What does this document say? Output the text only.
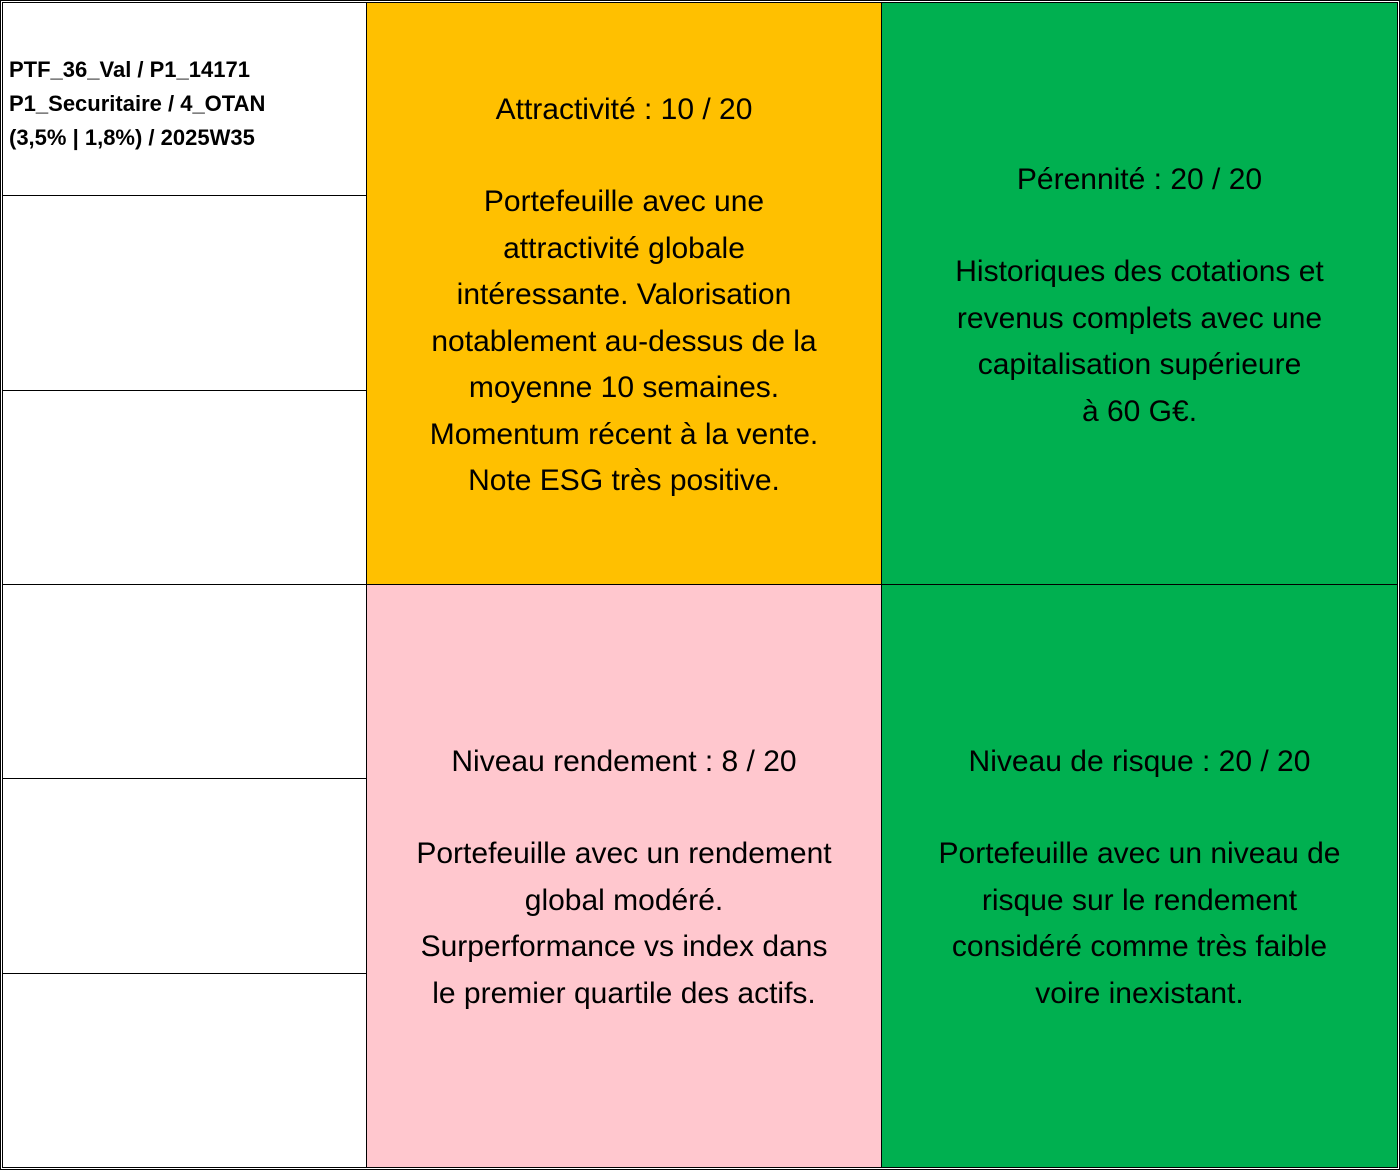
PTF_36_Val / P1_14171
P1_Securitaire / 4_OTAN
(3,5% | 1,8%) / 2025W35
Attractivité : 10 / 20
Portefeuille avec une
attractivité globale
intéressante. Valorisation
notablement au-dessus de la
moyenne 10 semaines.
Momentum récent à la vente.
Note ESG très positive.
Pérennité : 20 / 20
Historiques des cotations et
revenus complets avec une
capitalisation supérieure
à 60 G€.
Niveau rendement : 8 / 20
Portefeuille avec un rendement
global modéré.
Surperformance vs index dans
le premier quartile des actifs.
Niveau de risque : 20 / 20
Portefeuille avec un niveau de
risque sur le rendement
considéré comme très faible
voire inexistant.
